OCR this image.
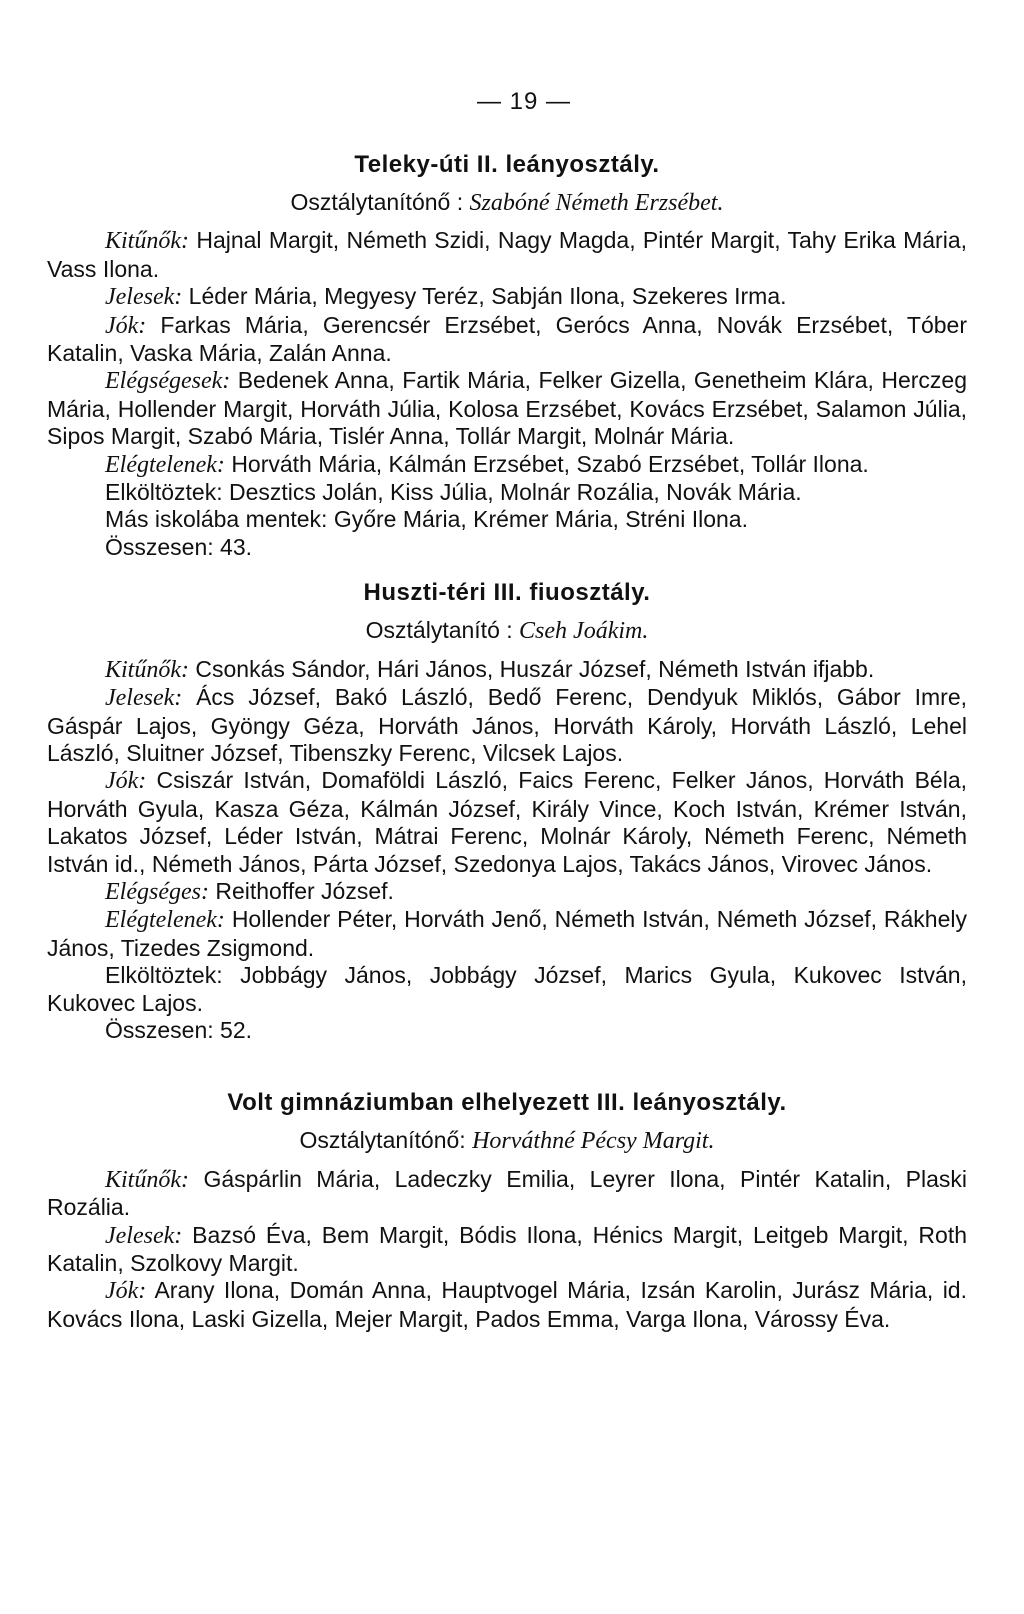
— 19 —
Teleky-úti II. leányosztály.
Osztálytanítónő : Szabóné Németh Erzsébet.

Kitűnők: Hajnal Margit, Németh Szidi, Nagy Magda, Pintér Margit, Tahy Erika Mária, Vass Ilona.

Jelesek: Léder Mária, Megyesy Teréz, Sabján Ilona, Szekeres Irma.

Jók: Farkas Mária, Gerencsér Erzsébet, Gerócs Anna, Novák Erzsébet, Tóber Katalin, Vaska Mária, Zalán Anna.

Elégségesek: Bedenek Anna, Fartik Mária, Felker Gizella, Genetheim Klára, Herczeg Mária, Hollender Margit, Horváth Júlia, Kolosa Erzsébet, Kovács Erzsébet, Salamon Júlia, Sipos Margit, Szabó Mária, Tislér Anna, Tollár Margit, Molnár Mária.

Elégtelenek: Horváth Mária, Kálmán Erzsébet, Szabó Erzsébet, Tollár Ilona.

Elköltöztek: Desztics Jolán, Kiss Júlia, Molnár Rozália, Novák Mária.

Más iskolába mentek: Győre Mária, Krémer Mária, Stréni Ilona.

Összesen: 43.

Huszti-téri III. fiuosztály.
Osztálytanító : Cseh Joákim.

Kitűnők: Csonkás Sándor, Hári János, Huszár József, Németh István ifjabb.

Jelesek: Ács József, Bakó László, Bedő Ferenc, Dendyuk Miklós, Gábor Imre, Gáspár Lajos, Gyöngy Géza, Horváth János, Horváth Károly, Horváth László, Lehel László, Sluitner József, Tibenszky Ferenc, Vilcsek Lajos.

Jók: Csiszár István, Domaföldi László, Faics Ferenc, Felker János, Horváth Béla, Horváth Gyula, Kasza Géza, Kálmán József, Király Vince, Koch István, Krémer István, Lakatos József, Léder István, Mátrai Ferenc, Molnár Károly, Németh Ferenc, Németh István id., Németh János, Párta József, Szedonya Lajos, Takács János, Virovec János.

Elégséges: Reithoffer József.

Elégtelenek: Hollender Péter, Horváth Jenő, Németh István, Németh József, Rákhely János, Tizedes Zsigmond.

Elköltöztek: Jobbágy János, Jobbágy József, Marics Gyula, Kukovec István, Kukovec Lajos.

Összesen: 52.

Volt gimnáziumban elhelyezett III. leányosztály.
Osztálytanítónő: Horváthné Pécsy Margit.

Kitűnők: Gáspárlin Mária, Ladeczky Emilia, Leyrer Ilona, Pintér Katalin, Plaski Rozália.

Jelesek: Bazsó Éva, Bem Margit, Bódis Ilona, Hénics Margit, Leitgeb Margit, Roth Katalin, Szolkovy Margit.

Jók: Arany Ilona, Domán Anna, Hauptvogel Mária, Izsán Karolin, Jurász Mária, id. Kovács Ilona, Laski Gizella, Mejer Margit, Pados Emma, Varga Ilona, Várossy Éva.
